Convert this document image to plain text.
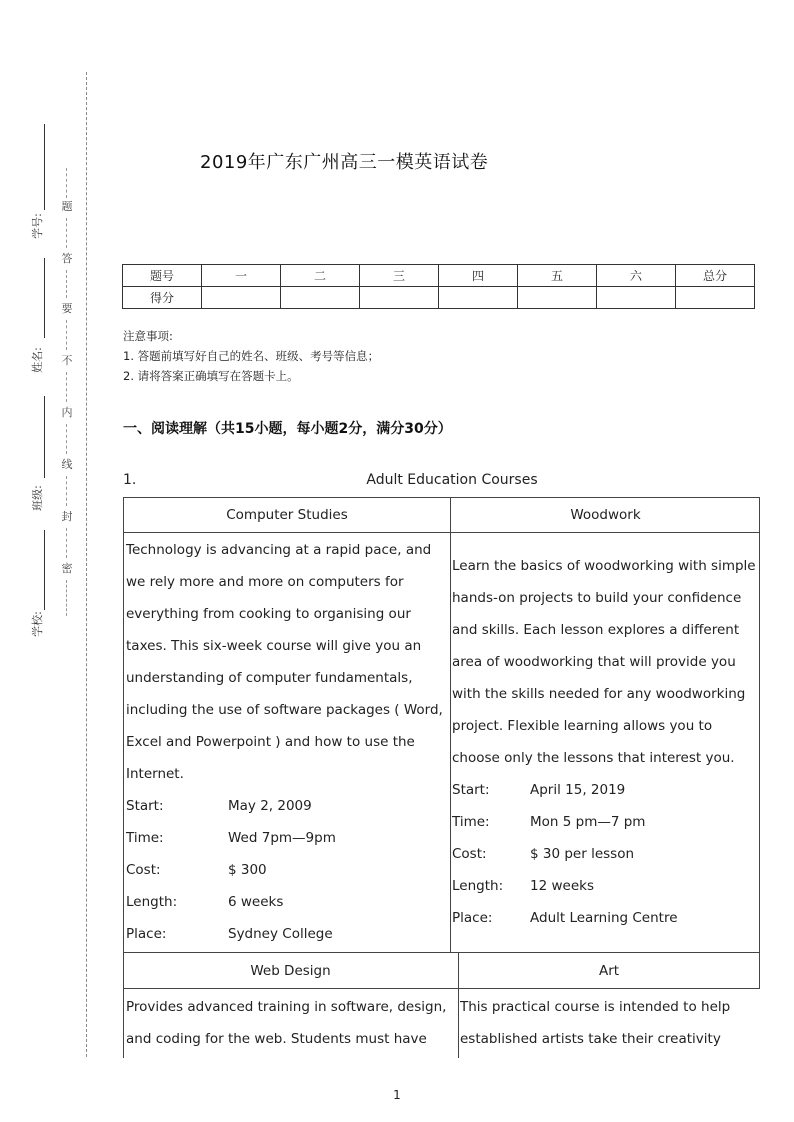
题
答
要
不
内
线
封
密
学号:
姓名:
班级:
学校:
2019年广东广州高三一模英语试卷
题号	一	二	三	四	五	六	总分
得分							
注意事项:
1. 答题前填写好自己的姓名、班级、考号等信息；
2. 请将答案正确填写在答题卡上。
一、阅读理解（共15小题，每小题2分，满分30分）
1.	Adult Education Courses
Computer Studies	Woodwork
Technology is advancing at a rapid pace, and
we rely more and more on computers for
everything from cooking to organising our
taxes. This six-week course will give you an
understanding of computer fundamentals,
including the use of software packages ( Word,
Excel and Powerpoint ) and how to use the
Internet.
Start:	May 2, 2009
Time:	Wed 7pm—9pm
Cost:	$ 300
Length:	6 weeks
Place:	Sydney College
Learn the basics of woodworking with simple
hands-on projects to build your confidence
and skills. Each lesson explores a different
area of woodworking that will provide you
with the skills needed for any woodworking
project. Flexible learning allows you to
choose only the lessons that interest you.
Start:	April 15, 2019
Time:	Mon 5 pm—7 pm
Cost:	$ 30 per lesson
Length:	12 weeks
Place:	Adult Learning Centre
Web Design	Art
Provides advanced training in software, design,
and coding for the web. Students must have
This practical course is intended to help
established artists take their creativity
1
